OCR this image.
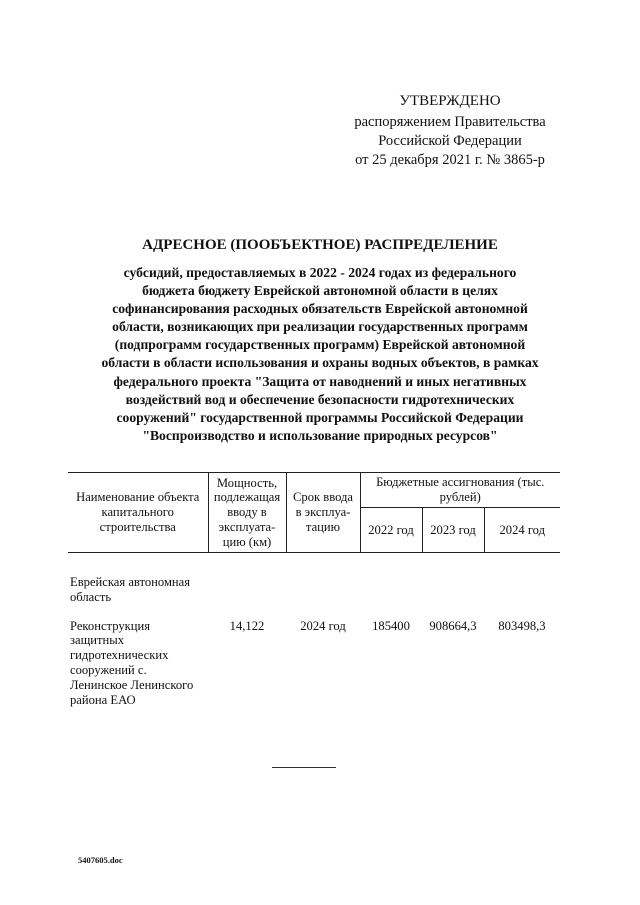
УТВЕРЖДЕНО
распоряжением Правительства
Российской Федерации
от 25 декабря 2021 г. № 3865-р
АДРЕСНОЕ (ПООБЪЕКТНОЕ) РАСПРЕДЕЛЕНИЕ
субсидий, предоставляемых в 2022 - 2024 годах из федерального
бюджета бюджету Еврейской автономной области в целях
софинансирования расходных обязательств Еврейской автономной
области, возникающих при реализации государственных программ
(подпрограмм государственных программ) Еврейской автономной
области в области использования и охраны водных объектов, в рамках
федерального проекта "Защита от наводнений и иных негативных
воздействий вод и обеспечение безопасности гидротехнических
сооружений" государственной программы Российской Федерации
"Воспроизводство и использование природных ресурсов"
Наименование объекта капитального строительства	Мощность, подлежащая вводу в эксплуата-цию (км)	Срок ввода в эксплуа-тацию	Бюджетные ассигнования (тыс. рублей)		
			2022 год	2023 год	2024 год

Еврейская автономная область					

Реконструкция защитных гидротехнических сооружений с. Ленинское Ленинского района ЕАО	14,122	2024 год	185400	908664,3	803498,3
5407605.doc
